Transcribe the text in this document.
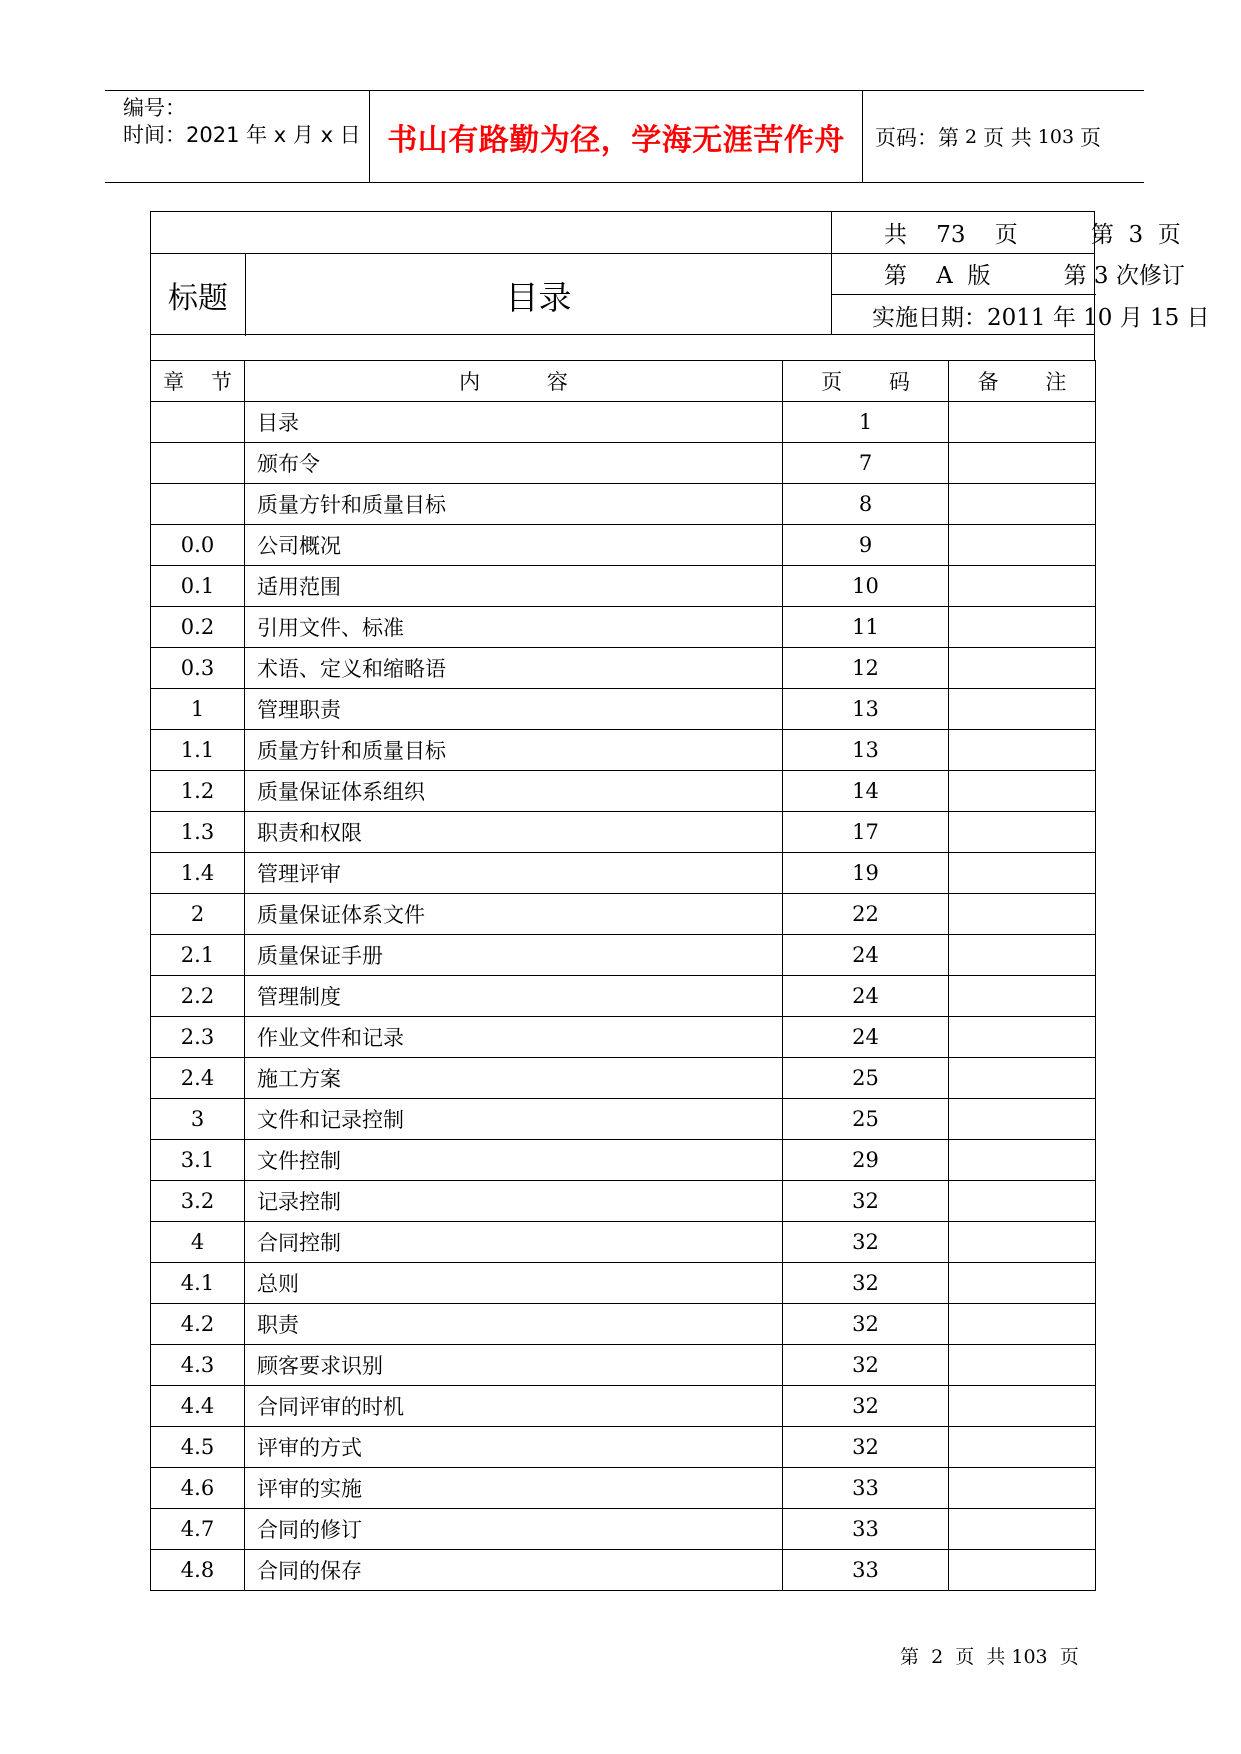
编号：
时间：2021 年 x 月 x 日 书山有路勤为径，学海无涯苦作舟	页码：第 2 页 共 103 页
标题	目录
共    73    页          第  3  页
第    A  版          第 3 次修订
实施日期：2011 年 10 月 15 日
章    节	内          容	页       码	备       注
	目录	1	
	颁布令	7	
	质量方针和质量目标	8	
0.0	公司概况	9	
0.1	适用范围	10	
0.2	引用文件、标准	11	
0.3	术语、定义和缩略语	12	
1	管理职责	13	
1.1	质量方针和质量目标	13	
1.2	质量保证体系组织	14	
1.3	职责和权限	17	
1.4	管理评审	19	
2	质量保证体系文件	22	
2.1	质量保证手册	24	
2.2	管理制度	24	
2.3	作业文件和记录	24	
2.4	施工方案	25	
3	文件和记录控制	25	
3.1	文件控制	29	
3.2	记录控制	32	
4	合同控制	32	
4.1	总则	32	
4.2	职责	32	
4.3	顾客要求识别	32	
4.4	合同评审的时机	32	
4.5	评审的方式	32	
4.6	评审的实施	33	
4.7	合同的修订	33	
4.8	合同的保存	33	
第  2  页  共 103  页
